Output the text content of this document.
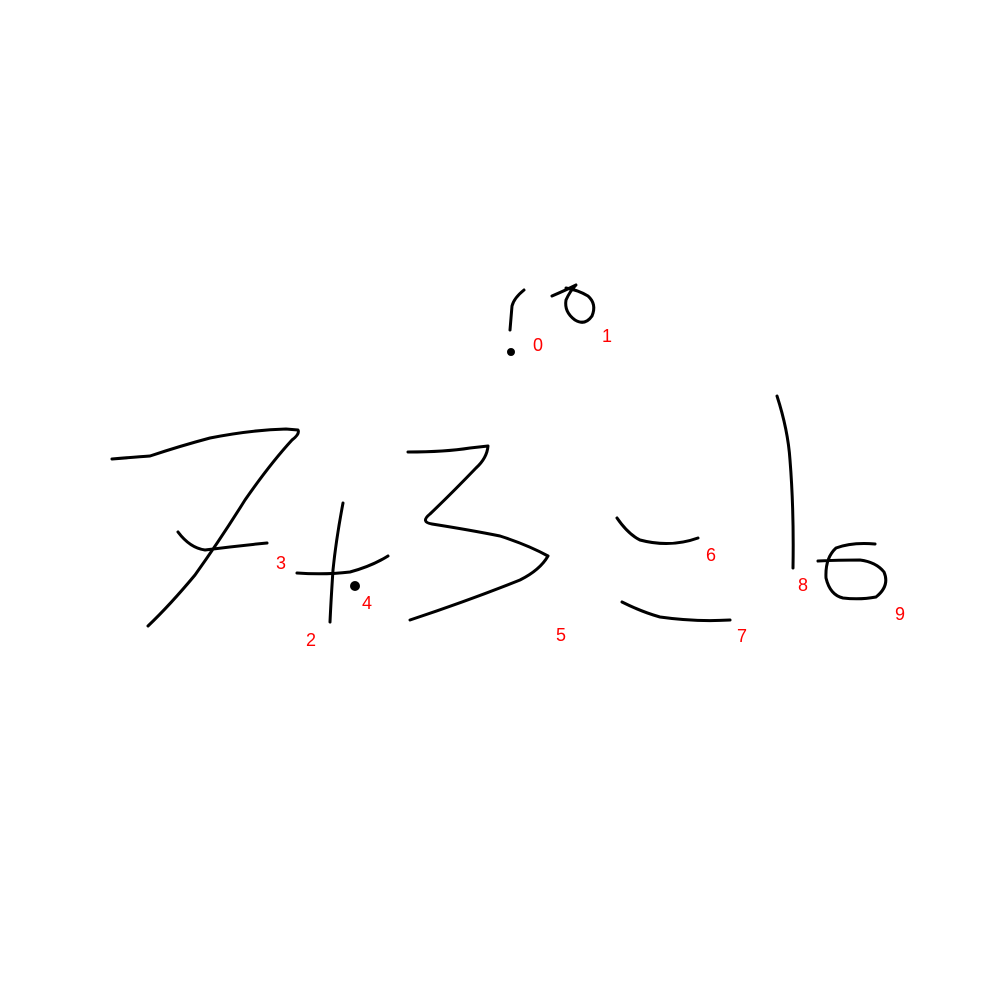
0	1
2
3
4
5
6
7
8
9
